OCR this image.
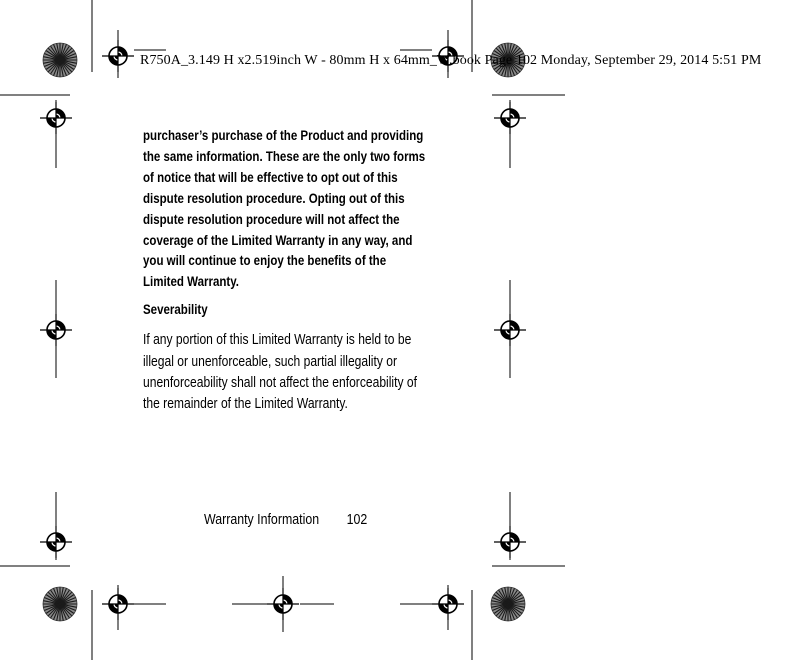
R750A_3.149 H x2.519inch W - 80mm H x 64mm_W.book Page 102 Monday, September 29, 2014 5:51 PM

purchaser’s purchase of the Product and providing the same information. These are the only two forms of notice that will be effective to opt out of this dispute resolution procedure. Opting out of this dispute resolution procedure will not affect the coverage of the Limited Warranty in any way, and you will continue to enjoy the benefits of the Limited Warranty.

Severability

If any portion of this Limited Warranty is held to be illegal or unenforceable, such partial illegality or unenforceability shall not affect the enforceability of the remainder of the Limited Warranty.

Warranty Information 102
